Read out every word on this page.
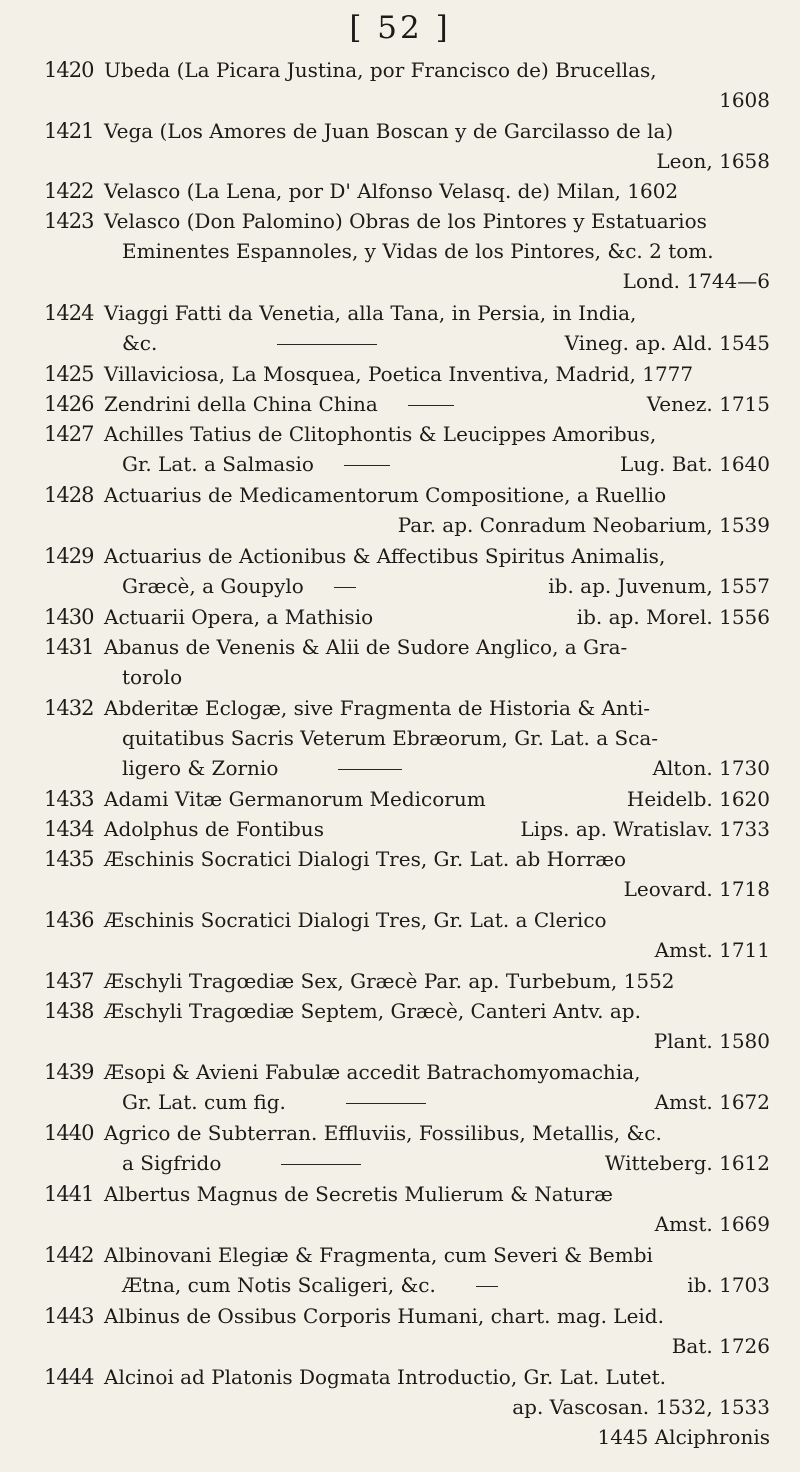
[ 52 ]
1420 Ubeda (La Picara Justina, por Francisco de) Brucellas,
1608
1421 Vega (Los Amores de Juan Boscan y de Garcilasso de la)
Leon, 1658
1422 Velasco (La Lena, por D' Alfonso Velasq. de) Milan, 1602
1423 Velasco (Don Palomino) Obras de los Pintores y Estatuarios
Eminentes Espannoles, y Vidas de los Pintores, &c. 2 tom.
Lond. 1744—6
1424 Viaggi Fatti da Venetia, alla Tana, in Persia, in India,
&c.	Vineg. ap. Ald. 1545
1425 Villaviciosa, La Mosquea, Poetica Inventiva, Madrid, 1777
1426 Zendrini della China China	Venez. 1715
1427 Achilles Tatius de Clitophontis & Leucippes Amoribus,
Gr. Lat. a Salmasio	Lug. Bat. 1640
1428 Actuarius de Medicamentorum Compositione, a Ruellio
Par. ap. Conradum Neobarium, 1539
1429 Actuarius de Actionibus & Affectibus Spiritus Animalis,
Græcè, a Goupylo	ib. ap. Juvenum, 1557
1430 Actuarii Opera, a Mathisio	ib. ap. Morel. 1556
1431 Abanus de Venenis & Alii de Sudore Anglico, a Gra-
torolo
1432 Abderitæ Eclogæ, sive Fragmenta de Historia & Anti-
quitatibus Sacris Veterum Ebræorum, Gr. Lat. a Sca-
ligero & Zornio	Alton. 1730
1433 Adami Vitæ Germanorum Medicorum	Heidelb. 1620
1434 Adolphus de Fontibus	Lips. ap. Wratislav. 1733
1435 Æschinis Socratici Dialogi Tres, Gr. Lat. ab Horræo
Leovard. 1718
1436 Æschinis Socratici Dialogi Tres, Gr. Lat. a Clerico
Amst. 1711
1437 Æschyli Tragœdiæ Sex, Græcè Par. ap. Turbebum, 1552
1438 Æschyli Tragœdiæ Septem, Græcè, Canteri Antv. ap.
Plant. 1580
1439 Æsopi & Avieni Fabulæ accedit Batrachomyomachia,
Gr. Lat. cum fig.	Amst. 1672
1440 Agrico de Subterran. Effluviis, Fossilibus, Metallis, &c.
a Sigfrido	Witteberg. 1612
1441 Albertus Magnus de Secretis Mulierum & Naturæ
Amst. 1669
1442 Albinovani Elegiæ & Fragmenta, cum Severi & Bembi
Ætna, cum Notis Scaligeri, &c.	ib. 1703
1443 Albinus de Ossibus Corporis Humani, chart. mag. Leid.
Bat. 1726
1444 Alcinoi ad Platonis Dogmata Introductio, Gr. Lat. Lutet.
ap. Vascosan. 1532, 1533
1445 Alciphronis
